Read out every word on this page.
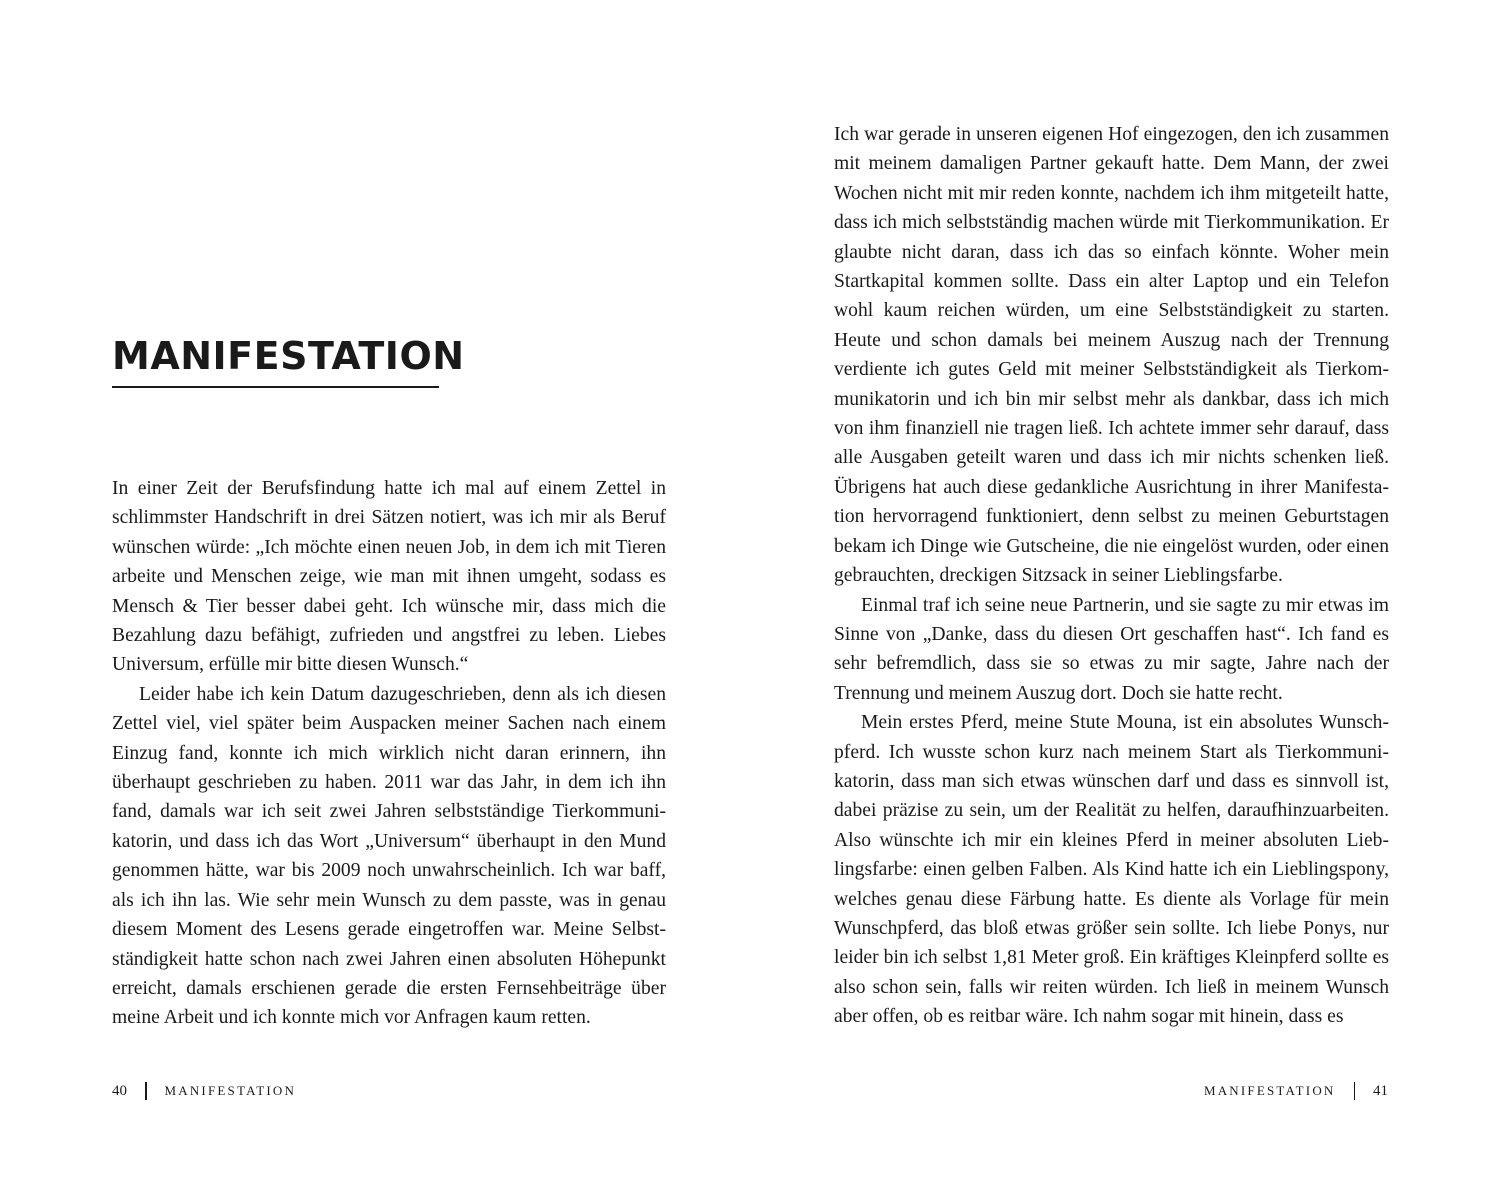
MANIFESTATION

In einer Zeit der Berufsfindung hatte ich mal auf einem Zettel in schlimmster Handschrift in drei Sätzen notiert, was ich mir als Beruf wünschen würde: „Ich möchte einen neuen Job, in dem ich mit Tieren arbeite und Menschen zeige, wie man mit ihnen umgeht, sodass es Mensch & Tier besser dabei geht. Ich wünsche mir, dass mich die Bezahlung dazu befähigt, zufrieden und angstfrei zu leben. Liebes Universum, erfülle mir bitte diesen Wunsch.“

Leider habe ich kein Datum dazugeschrieben, denn als ich diesen Zettel viel, viel später beim Auspacken meiner Sachen nach einem Einzug fand, konnte ich mich wirklich nicht daran erinnern, ihn überhaupt geschrieben zu haben. 2011 war das Jahr, in dem ich ihn fand, damals war ich seit zwei Jahren selbstständige Tierkommunikatorin, und dass ich das Wort „Universum“ überhaupt in den Mund genommen hätte, war bis 2009 noch unwahrscheinlich. Ich war baff, als ich ihn las. Wie sehr mein Wunsch zu dem passte, was in genau diesem Moment des Lesens gerade eingetroffen war. Meine Selbstständigkeit hatte schon nach zwei Jahren einen absoluten Höhepunkt erreicht, damals erschienen gerade die ersten Fernsehbeiträge über meine Arbeit und ich konnte mich vor Anfragen kaum retten.

40	MANIFESTATION

Ich war gerade in unseren eigenen Hof eingezogen, den ich zusammen mit meinem damaligen Partner gekauft hatte. Dem Mann, der zwei Wochen nicht mit mir reden konnte, nachdem ich ihm mitgeteilt hatte, dass ich mich selbstständig machen würde mit Tierkommunikation. Er glaubte nicht daran, dass ich das so einfach könnte. Woher mein Startkapital kommen sollte. Dass ein alter Laptop und ein Telefon wohl kaum reichen würden, um eine Selbstständigkeit zu starten. Heute und schon damals bei meinem Auszug nach der Trennung verdiente ich gutes Geld mit meiner Selbstständigkeit als Tierkommunikatorin und ich bin mir selbst mehr als dankbar, dass ich mich von ihm finanziell nie tragen ließ. Ich achtete immer sehr darauf, dass alle Ausgaben geteilt waren und dass ich mir nichts schenken ließ. Übrigens hat auch diese gedankliche Ausrichtung in ihrer Manifestation hervorragend funktioniert, denn selbst zu meinen Geburtstagen bekam ich Dinge wie Gutscheine, die nie eingelöst wurden, oder einen gebrauchten, dreckigen Sitzsack in seiner Lieblingsfarbe.

Einmal traf ich seine neue Partnerin, und sie sagte zu mir etwas im Sinne von „Danke, dass du diesen Ort geschaffen hast“. Ich fand es sehr befremdlich, dass sie so etwas zu mir sagte, Jahre nach der Trennung und meinem Auszug dort. Doch sie hatte recht.

Mein erstes Pferd, meine Stute Mouna, ist ein absolutes Wunschpferd. Ich wusste schon kurz nach meinem Start als Tierkommunikatorin, dass man sich etwas wünschen darf und dass es sinnvoll ist, dabei präzise zu sein, um der Realität zu helfen, daraufhinzuarbeiten. Also wünschte ich mir ein kleines Pferd in meiner absoluten Lieblingsfarbe: einen gelben Falben. Als Kind hatte ich ein Lieblingspony, welches genau diese Färbung hatte. Es diente als Vorlage für mein Wunschpferd, das bloß etwas größer sein sollte. Ich liebe Ponys, nur leider bin ich selbst 1,81 Meter groß. Ein kräftiges Kleinpferd sollte es also schon sein, falls wir reiten würden. Ich ließ in meinem Wunsch aber offen, ob es reitbar wäre. Ich nahm sogar mit hinein, dass es

MANIFESTATION	41
